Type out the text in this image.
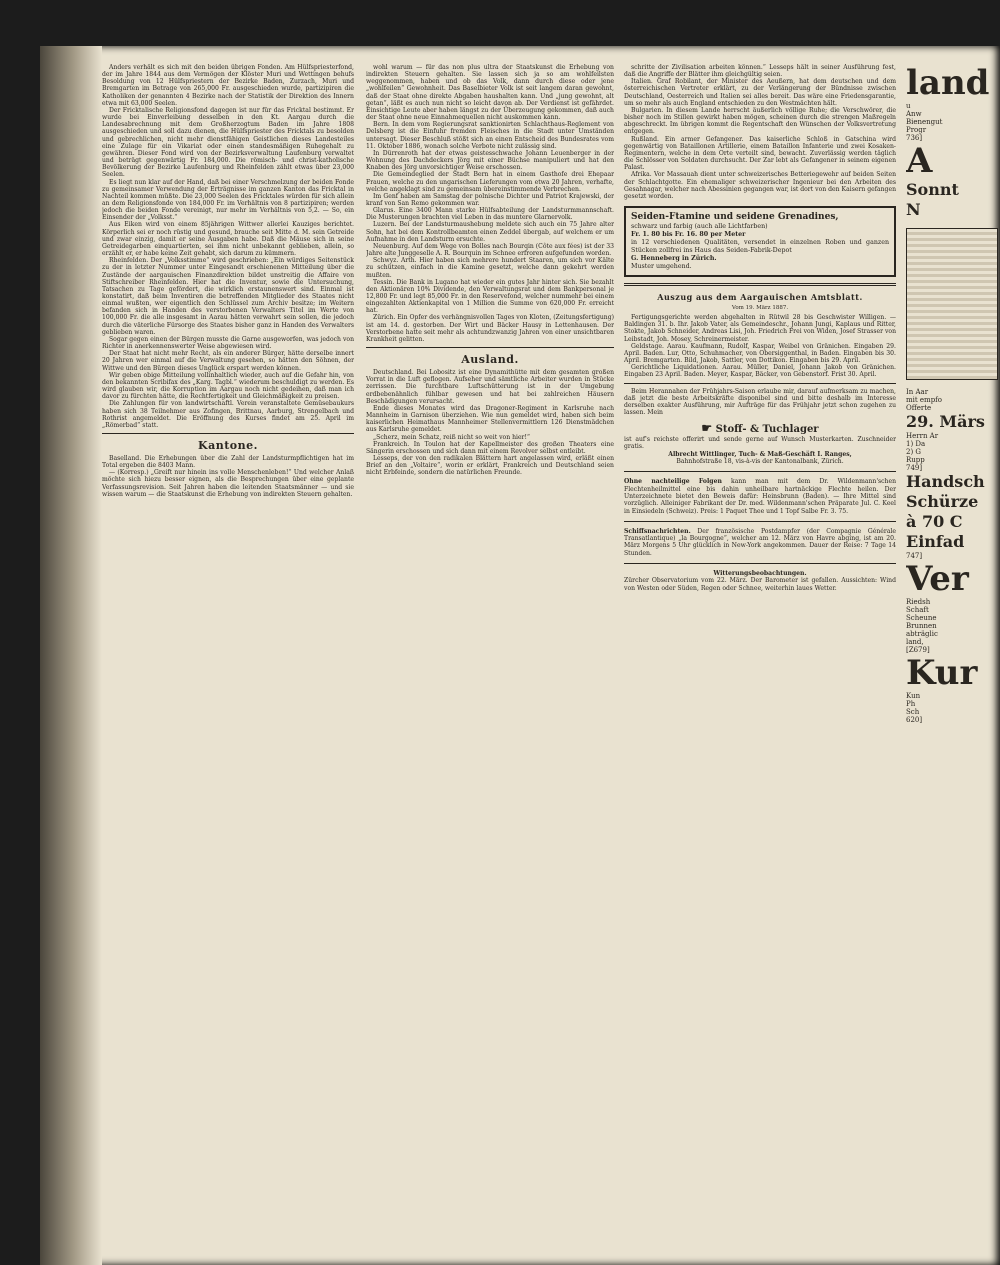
Anders verhält es sich mit den beiden übrigen Fonden. Am Hülfspriesterfond, der im Jahre 1844 aus dem Vermögen der Klöster Muri und Wettingen behufs Besoldung von 12 Hülfspriestern der Bezirke Baden, Zurzach, Muri und Bremgarten im Betrage von 265,000 Fr. ausgeschieden wurde, partizipiren die Katholiken der genannten 4 Bezirke nach der Statistik der Direktion des Innern etwa mit 63,000 Seelen.

Der Fricktalische Religionsfond dagegen ist nur für das Fricktal bestimmt. Er wurde bei Einverleibung desselben in den Kt. Aargau durch die Landesabrechnung mit dem Großherzogtum Baden im Jahre 1808 ausgeschieden und soll dazu dienen, die Hülfspriester des Fricktals zu besolden und gebrechlichen, nicht mehr dienstfähigen Geistlichen dieses Landesteiles eine Zulage für ein Vikariat oder einen standesmäßigen Ruhegehalt zu gewähren. Dieser Fond wird von der Bezirksverwaltung Laufenburg verwaltet und beträgt gegenwärtig Fr. 184,000. Die römisch- und christ-katholische Bevölkerung der Bezirke Laufenburg und Rheinfelden zählt etwas über 23,000 Seelen.

Es liegt nun klar auf der Hand, daß bei einer Verschmelzung der beiden Fonde zu gemeinsamer Verwendung der Erträgnisse im ganzen Kanton das Fricktal in Nachteil kommen müßte. Die 23,000 Seelen des Fricktales würden für sich allein an dem Religionsfonde von 184,000 Fr. im Verhältnis von 8 partizipiren; werden jedoch die beiden Fonde vereinigt, nur mehr im Verhältnis von 5,2. — So, ein Einsender der „Volksst.“

Aus Eiken wird von einem 85jährigen Wittwer allerlei Kauziges berichtet. Körperlich sei er noch rüstig und gesund, brauche seit Mitte d. M. sein Getreide und zwar einzig, damit er seine Ausgaben habe. Daß die Mäuse sich in seine Getreidegarben einquartierten, sei ihm nicht unbekannt geblieben, allein, so erzählt er, er habe keine Zeit gehabt, sich darum zu kümmern.

Rheinfelden. Der „Volksstimme“ wird geschrieben: „Ein würdiges Seitenstück zu der in letzter Nummer unter Eingesandt erschienenen Mitteilung über die Zustände der aargauischen Finanzdirektion bildet unstreitig die Affaire von Stiftschreiber Rheinfelden. Hier hat die Inventur, sowie die Untersuchung, Tatsachen zu Tage gefördert, die wirklich erstaunenswert sind. Einmal ist konstatirt, daß beim Inventiren die betreffenden Mitglieder des Staates nicht einmal wußten, wer eigentlich den Schlüssel zum Archiv besitze; im Weitern befanden sich in Handen des verstorbenen Verwalters Titel im Werte von 100,000 Fr. die alle insgesamt in Aarau hätten verwahrt sein sollen, die jedoch durch die väterliche Fürsorge des Staates bisher ganz in Handen des Verwalters geblieben waren.

Sogar gegen einen der Bürgen musste die Garne ausgeworfen, was jedoch von Richter in anerkennenswerter Weise abgewiesen wird.

Der Staat hat nicht mehr Recht, als ein anderer Bürger, hätte derselbe innert 20 Jahren wer einmal auf die Verwaltung gesehen, so hätten den Söhnen, der Wittwe und den Bürgen dieses Unglück erspart werden können.

Wir geben obige Mitteilung vollinhaltlich wieder, auch auf die Gefahr hin, von den bekannten Scribifax des „Karg. Tagbl.“ wiederum beschuldigt zu werden. Es wird glauben wir, die Korruption im Aargau noch nicht gedeihen, daß man ich davor zu fürchten hätte, die Rechtfertigkeit und Gleichmäßigkeit zu preisen.

Die Zahlungen für von landwirtschaftl. Verein veranstaltete Gemüsebaukurs haben sich 38 Teilnehmer aus Zofingen, Brittnau, Aarburg, Strengelbach und Rothrist angemeldet. Die Eröffnung des Kurses findet am 25. April im „Römerbad“ statt.

Kantone.

Baselland. Die Erhebungen über die Zahl der Landsturmpflichtigen hat im Total ergeben die 8403 Mann.

— (Korresp.) „Greift nur hinein ins volle Menschenleben!“ Und welcher Anlaß möchte sich hiezu besser eignen, als die Besprechungen über eine geplante Verfassungsrevision. Seit Jahren haben die leitenden Staatsmänner — und sie wissen warum — die Staatskunst die Erhebung von indirekten Steuern gehalten.

wohl warum — für das non plus ultra der Staatskunst die Erhebung von indirekten Steuern gehalten. Sie lassen sich ja so am wohlfeilsten weggenommen, haben und ob das Volk, dann durch diese oder jene „wohlfeilen“ Gewohnheit. Das Baselbieter Volk ist seit langem daran gewohnt, daß der Staat ohne direkte Abgaben haushalten kann. Und „jung gewohnt, alt getan“, läßt es auch nun nicht so leicht davon ab. Der Verdienst ist gefährdet. Einsichtige Leute aber haben längst zu der Überzeugung gekommen, daß auch der Staat ohne neue Einnahmequellen nicht auskommen kann.

Bern. In dem vom Regierungsrat sanktionirten Schlachthaus-Reglement von Delsberg ist die Einfuhr fremden Fleisches in die Stadt unter Umständen untersagt. Dieser Beschluß stößt sich an einen Entscheid des Bundesrates vom 11. Oktober 1886, wonach solche Verbote nicht zulässig sind.

In Dürrenroth hat der etwas geistesschwache Johann Leuenberger in der Wohnung des Dachdeckers Jörg mit einer Büchse manipuliert und hat den Knaben des Jörg unvorsichtiger Weise erschossen.

Die Gemeindeglied der Stadt Bern hat in einem Gasthofe drei Ehepaar Frauen, welche zu den ungarischen Lieferungen vom etwa 20 Jahren, verhafte, welche angeklagt sind zu gemeinsam übereinstimmende Verbrechen.

Im Genf haben am Samstag der polnische Dichter und Patriot Krajewski, der kranf von San Remo gekommen war.

Glarus. Eine 3400 Mann starke Hülfsabteilung der Landsturmmannschaft. Die Musterungen brachten viel Leben in das muntere Glarnervolk.

Luzern. Bei der Landsturmaushebung meldete sich auch ein 75 Jahre alter Sohn, hat bei dem Kontrollbeamten einen Zeddel übergab, auf welchem er um Aufnahme in den Landsturm ersuchte.

Neuenburg. Auf dem Wege von Bolles nach Bourqin (Côte aux fées) ist der 33 Jahre alte Junggeselle A. R. Bourquin im Schnee erfroren aufgefunden worden.

Schwyz. Arth. Hier haben sich mehrere hundert Staaren, um sich vor Kälte zu schützen, einfach in die Kamine gesetzt, welche dann gekehrt werden mußten.

Tessin. Die Bank in Lugano hat wieder ein gutes Jahr hinter sich. Sie bezahlt den Aktionären 10% Dividende, den Verwaltungsrat und dem Bankpersonal je 12,800 Fr. und legt 85,000 Fr. in den Reservefond, welcher nummehr bei einem eingezahlten Aktienkapital von 1 Million die Summe von 620,000 Fr. erreicht hat.

Zürich. Ein Opfer des verhängnisvollen Tages von Kloten, (Zeitungsfertigung) ist am 14. d. gestorben. Der Wirt und Bäcker Hausy in Lettenhausen. Der Verstorbene hatte seit mehr als achtundzwanzig Jahren von einer unsichtbaren Krankheit gelitten.

Ausland.

Deutschland. Bei Lobositz ist eine Dynamithütte mit dem gesamten großen Vorrat in die Luft geflogen. Aufseher und sämtliche Arbeiter wurden in Stücke zerrissen. Die furchtbare Luftschütterung ist in der Umgebung erdbebenähnlich fühlbar gewesen und hat bei zahlreichen Häusern Beschädigungen verursacht.

Ende dieses Monates wird das Dragoner-Regiment in Karlsruhe nach Mannheim in Garnison überziehen. Wie nun gemeldet wird, haben sich beim kaiserlichen Heimathaus Mannheimer Stellenvermittlern 126 Dienstmädchen aus Karlsruhe gemeldet.

„Scherz, mein Schatz, reiß nicht so weit von hier!“

Frankreich. In Toulon hat der Kapellmeister des großen Theaters eine Sängerin erschossen und sich dann mit einem Revolver selbst entleibt.

Lesseps, der von den radikalen Blättern hart angelassen wird, erläßt einen Brief an den „Voltaire“, worin er erklärt, Frankreich und Deutschland seien nicht Erbfeinde, sondern die natürlichen Freunde.

schritte der Zivilisation arbeiten können.“ Lesseps hält in seiner Ausführung fest, daß die Angriffe der Blätter ihm gleichgültig seien.

Italien. Graf Robilant, der Minister des Aeußern, hat dem deutschen und dem österreichischen Vertreter erklärt, zu der Verlängerung der Bündnisse zwischen Deutschland, Oesterreich und Italien sei alles bereit. Das wäre eine Friedensgarantie, um so mehr als auch England entschieden zu den Westmächten hält.

Bulgarien. In diesem Lande herrscht äußerlich völlige Ruhe; die Verschwörer, die bisher noch im Stillen gewirkt haben mögen, scheinen durch die strengen Maßregeln abgeschreckt. Im übrigen kommt die Regentschaft den Wünschen der Volksvertretung entgegen.

Rußland. Ein armer Gefangener. Das kaiserliche Schloß in Gatschina wird gegenwärtig von Bataillonen Artillerie, einem Bataillon Infanterie und zwei Kosaken-Regimentern, welche in dem Orte verteilt sind, bewacht. Zuverlässig werden täglich die Schlösser von Soldaten durchsucht. Der Zar lebt als Gefangener in seinem eigenen Palast.

Afrika. Vor Massauah dient unter schweizerisches Betteriegewehr auf beiden Seiten der Schlachtgotte. Ein ehemaliger schweizerischer Ingenieur bei den Arbeiten des Gesahnagar, welcher nach Abessinien gegangen war, ist dort von den Kaisern gefangen gesetzt worden.

Seiden-Ftamine und seidene Grenadines,
schwarz und farbig (auch alle Lichtfarben)
Fr. 1. 80 bis Fr. 16. 80 per Meter
in 12 verschiedenen Qualitäten, versendet in einzelnen Roben und ganzen Stücken zollfrei ins Haus das Seiden-Fabrik-Depot
G. Henneberg in Zürich.
Muster umgehend.
Auszug aus dem Aargauischen Amtsblatt.
Vom 19. März 1887.

Fertigungsgerichte werden abgehalten in Rütwil 28 bis Geschwister Willigen. — Baldingen 31. b. Ihr. Jakob Vater, als Gemeindeschr., Johann Jungi, Kaplaus und Ritter, Stokte, Jakob Schneider, Andreas Lisi, Joh. Friedrich Frei von Widen, Josef Strasser von Leibstadt, Joh. Mosey, Schreinermeister.

Geldstage. Aarau. Kaufmann, Rudolf, Kaspar, Weibel von Gränichen. Eingaben 29. April. Baden. Lur, Otto, Schuhmacher, von Obersiggenthal, in Baden. Eingaben bis 30. April. Bremgarten. Bild, Jakob, Sattler, von Dottikon. Eingaben bis 29. April.

Gerichtliche Liquidationen. Aarau. Müller, Daniel, Johann Jakob von Gränichen. Eingaben 23 April. Baden. Meyer, Kaspar, Bäcker, von Gebenstorf. Frist 30. April.

Beim Herannahen der Frühjahrs-Saison erlaube mir, darauf aufmerksam zu machen, daß jetzt die beste Arbeitskräfte disponibel sind und bitte deshalb im Interesse derselben exakter Ausführung, mir Aufträge für das Frühjahr jetzt schon zugehen zu lassen. Mein

☛ Stoff- & Tuchlager
ist auf's reichste offerirt und sende gerne auf Wunsch Musterkarten. Zuschneider gratis.
Albrecht Wittlinger, Tuch- & Maß-Geschäft I. Ranges,
Bahnhofstraße 18, vis-à-vis der Kantonalbank, Zürich.
Ohne nachteilige Folgen kann man mit dem Dr. Wildenmann'schen Flechtenheilmittel eine bis dahin unheilbare hartnäckige Flechte heilen. Der Unterzeichnete bietet den Beweis dafür: Heinsbrunn (Baden). — Ihre Mittel sind vorzüglich. Alleiniger Fabrikant der Dr. med. Wildenmann'schen Präparate Jul. C. Keel in Einsiedeln (Schweiz). Preis: 1 Paquet Thee und 1 Topf Salbe Fr. 3. 75.
Schiffsnachrichten. Der französische Postdampfer (der Compagnie Générale Transatlantique) „la Bourgogne“, welcher am 12. März von Havre abging, ist am 20. März Morgens 5 Uhr glücklich in New-York angekommen. Dauer der Reise: 7 Tage 14 Stunden.
Witterungsbeobachtungen.
Zürcher Observatorium vom 22. März. Der Barometer ist gefallen. Aussichten: Wind von Westen oder Süden, Regen oder Schnee, weiterhin laues Wetter.
land
u
Anw
Bienengut
Progr
736]
A
Sonnt
N
In Aar
mit empfo
Offerte
29. Märs
Herrn Ar
1) Da
2) G
Rupp
749]
Handsch
Schürze
à 70 C
Einfad
747]
Ver
Riedsh
Schaft
Scheune
Brunnen
abträglic
land,
[Z679]
Kur
Kun
Ph
Sch
620]
